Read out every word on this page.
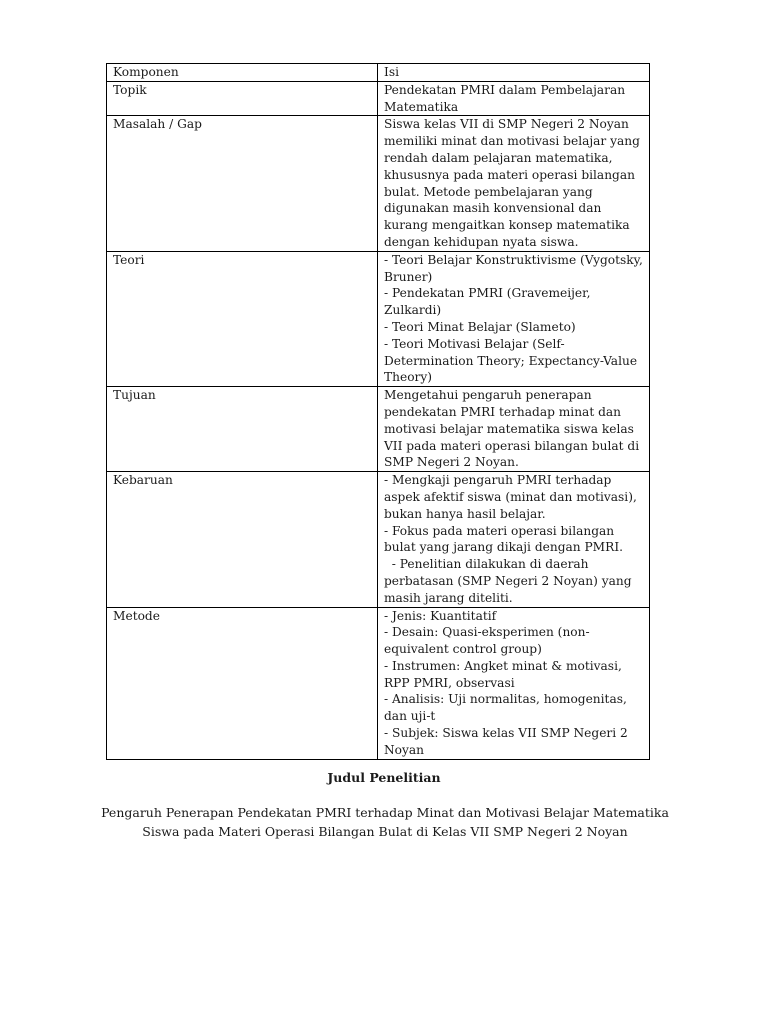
Komponen	Isi
Topik	Pendekatan PMRI dalam Pembelajaran Matematika
Masalah / Gap	Siswa kelas VII di SMP Negeri 2 Noyan memiliki minat dan motivasi belajar yang rendah dalam pelajaran matematika, khususnya pada materi operasi bilangan bulat. Metode pembelajaran yang digunakan masih konvensional dan kurang mengaitkan konsep matematika dengan kehidupan nyata siswa.
Teori	- Teori Belajar Konstruktivisme (Vygotsky, Bruner)
- Pendekatan PMRI (Gravemeijer, Zulkardi)
- Teori Minat Belajar (Slameto)
- Teori Motivasi Belajar (Self-Determination Theory; Expectancy-Value Theory)
Tujuan	Mengetahui pengaruh penerapan pendekatan PMRI terhadap minat dan motivasi belajar matematika siswa kelas VII pada materi operasi bilangan bulat di SMP Negeri 2 Noyan.
Kebaruan	- Mengkaji pengaruh PMRI terhadap aspek afektif siswa (minat dan motivasi), bukan hanya hasil belajar.
- Fokus pada materi operasi bilangan bulat yang jarang dikaji dengan PMRI.
- Penelitian dilakukan di daerah perbatasan (SMP Negeri 2 Noyan) yang masih jarang diteliti.
Metode	- Jenis: Kuantitatif
- Desain: Quasi-eksperimen (non-equivalent control group)
- Instrumen: Angket minat & motivasi, RPP PMRI, observasi
- Analisis: Uji normalitas, homogenitas, dan uji-t
- Subjek: Siswa kelas VII SMP Negeri 2 Noyan
Judul Penelitian
Pengaruh Penerapan Pendekatan PMRI terhadap Minat dan Motivasi Belajar Matematika Siswa pada Materi Operasi Bilangan Bulat di Kelas VII SMP Negeri 2 Noyan
